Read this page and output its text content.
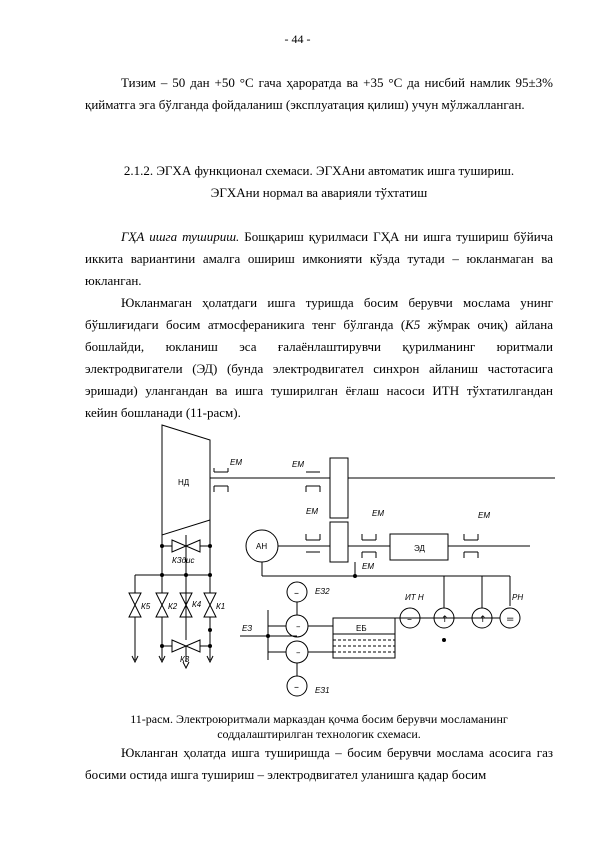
- 44 -
Тизим – 50 дан +50 °С гача ҳароратда ва +35 °С да нисбий намлик 95±3% қийматга эга бўлганда фойдаланиш (эксплуатация қилиш) учун мўлжалланган.
2.1.2. ЭГХА функционал схемаси. ЭГХАни автоматик ишга тушириш.
ЭГХАни нормал ва аварияли тўхтатиш
ГҲА ишга тушириш. Бошқариш қурилмаси ГҲА ни ишга тушириш бўйича иккита вариантини амалга ошириш имконияти кўзда тутади – юкланмаган ва юкланган.
Юкланмаган ҳолатдаги ишга туришда босим берувчи мослама унинг бўшлиғидаги босим атмосфераникига тенг бўлганда (К5 жўмрак очиқ) айлана бошлайди, юкланиш эса ғалаёнлаштирувчи қурилманинг юритмали электродвигатели (ЭД) (бунда электродвигател синхрон айланиш частотасига эришади) улангандан ва ишга туширилган ёғлаш насоси ИТН тўхтатилгандан кейин бошланади (11-расм).
–
–
–
–
–	=
↑	↑
НД
АН	ЭД
ЕМ	ЕМ
ЕМ	ЕМ
ЕМ
ЕМ
КЗдис
К5 К2 К4 К1
К3
ЕЗ
ЕЗ1
ЕЗ2
ЕБ
ИТ Н	РН
11-расм. Электроюритмали марказдан қочма босим берувчи мосламанинг
соддалаштирилган технологик схемаси.
Юкланган ҳолатда ишга туширишда – босим берувчи мослама асосига газ босими остида ишга тушириш – электродвигател уланишга қадар босим
